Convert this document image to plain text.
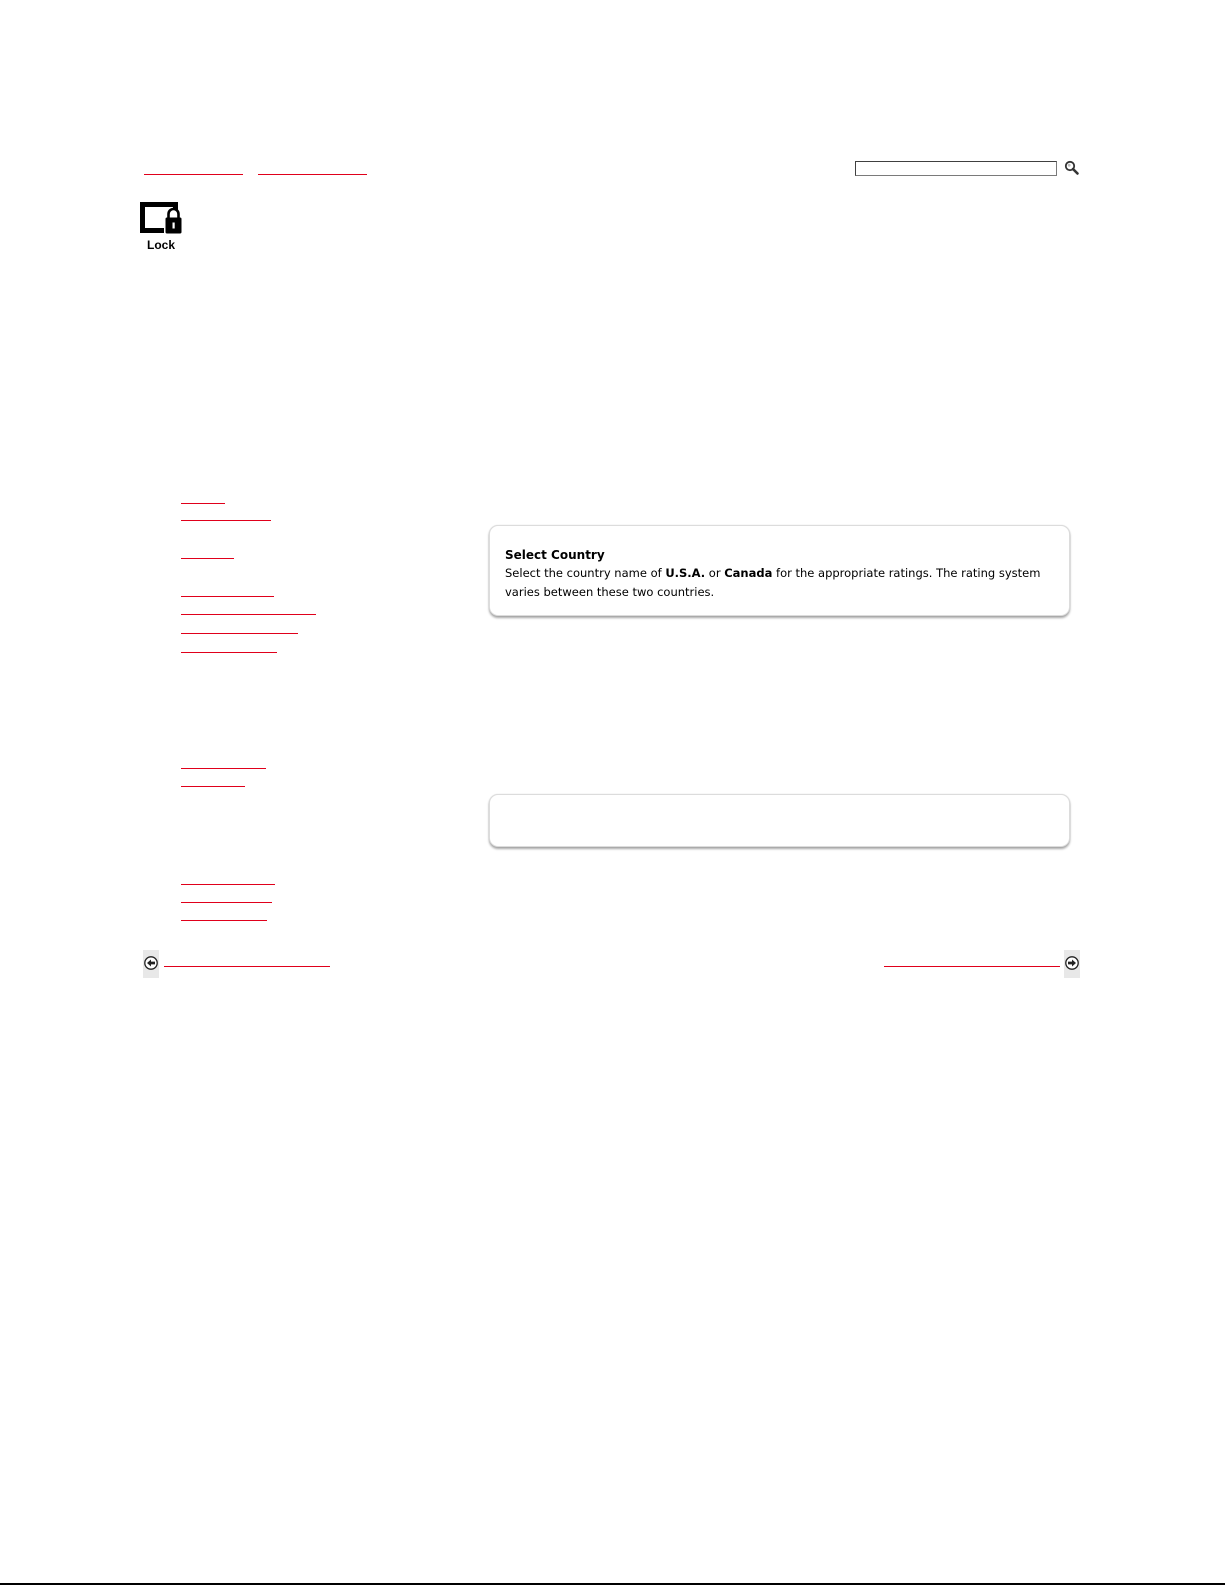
Lock

Select Country

Select the country name of U.S.A. or Canada for the appropriate ratings. The rating system varies between these two countries.
